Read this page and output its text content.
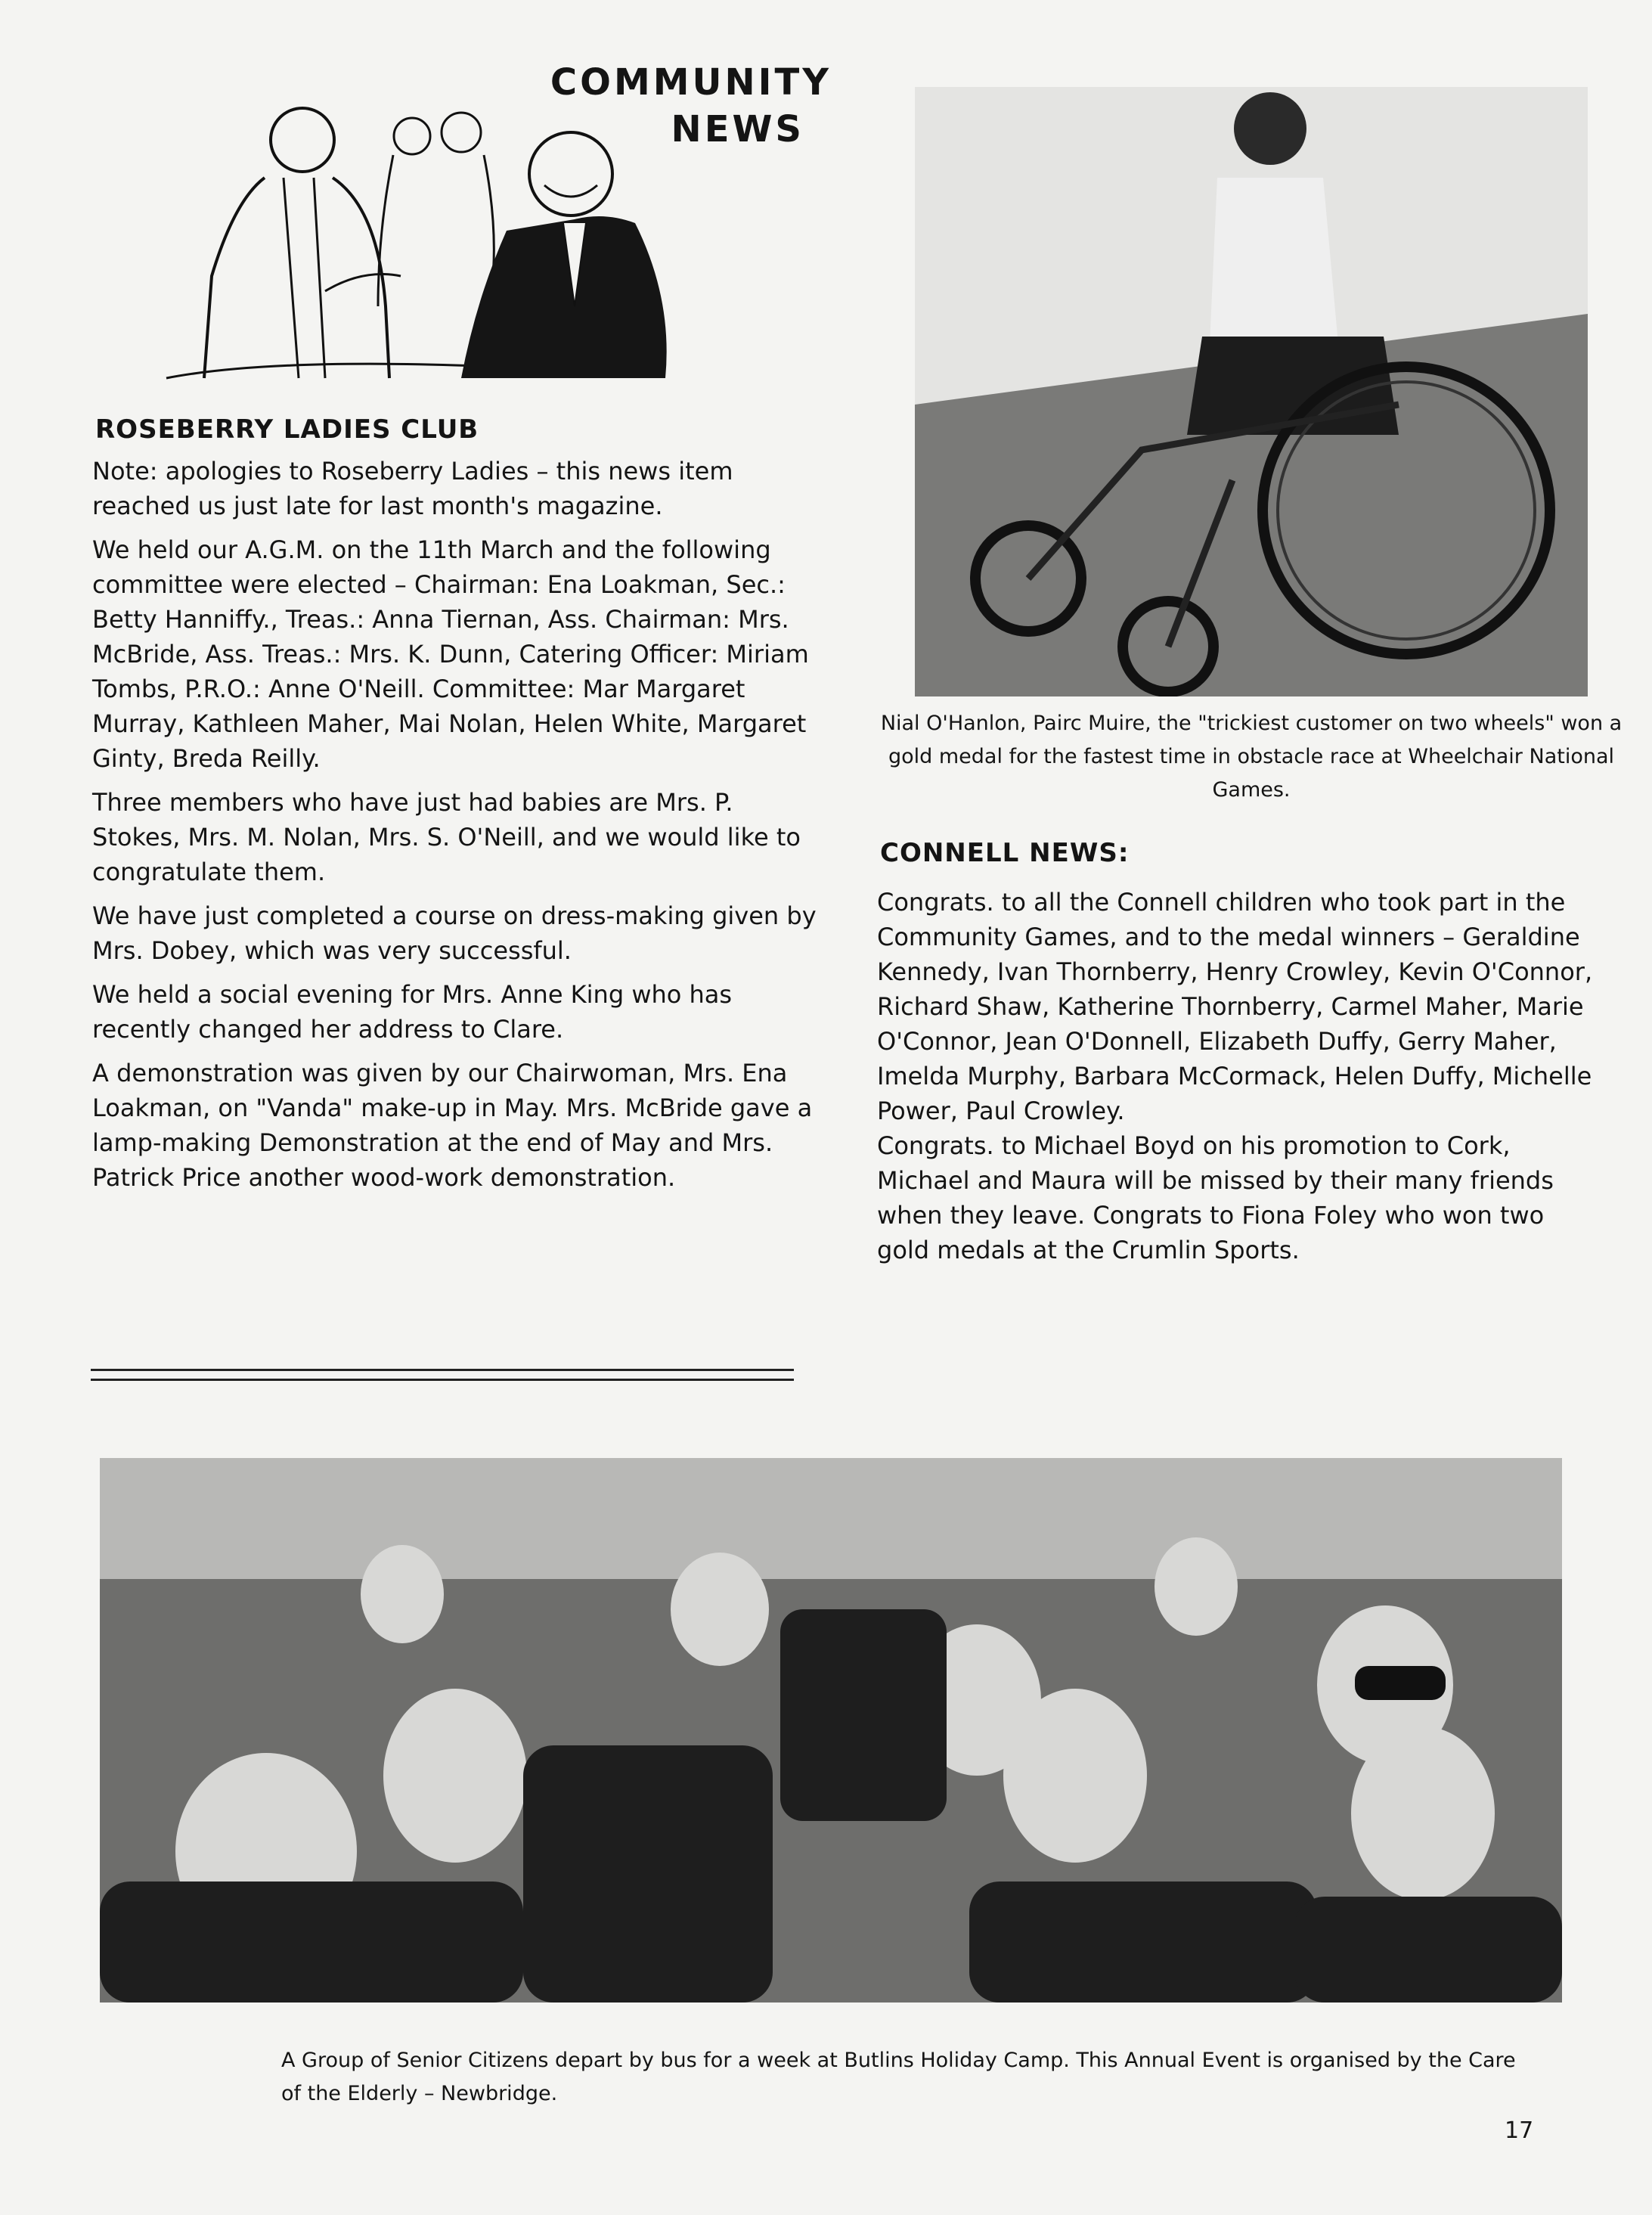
COMMUNITY
NEWS
ROSEBERRY LADIES CLUB

Note: apologies to Roseberry Ladies – this news item reached us just late for last month's magazine.

We held our A.G.M. on the 11th March and the following committee were elected – Chairman: Ena Loakman, Sec.: Betty Hanniffy., Treas.: Anna Tiernan, Ass. Chairman: Mrs. McBride, Ass. Treas.: Mrs. K. Dunn, Catering Officer: Miriam Tombs, P.R.O.: Anne O'Neill. Committee: Mar Margaret Murray, Kathleen Maher, Mai Nolan, Helen White, Margaret Ginty, Breda Reilly.

Three members who have just had babies are Mrs. P. Stokes, Mrs. M. Nolan, Mrs. S. O'Neill, and we would like to congratulate them.

We have just completed a course on dress-making given by Mrs. Dobey, which was very successful.

We held a social evening for Mrs. Anne King who has recently changed her address to Clare.

A demonstration was given by our Chairwoman, Mrs. Ena Loakman, on "Vanda" make-up in May. Mrs. McBride gave a lamp-making Demonstration at the end of May and Mrs. Patrick Price another wood-work demonstration.

Nial O'Hanlon, Pairc Muire, the "trickiest customer on two wheels" won a gold medal for the fastest time in obstacle race at Wheelchair National Games.
CONNELL NEWS:

Congrats. to all the Connell children who took part in the Community Games, and to the medal winners – Geraldine Kennedy, Ivan Thornberry, Henry Crowley, Kevin O'Connor, Richard Shaw, Katherine Thornberry, Carmel Maher, Marie O'Connor, Jean O'Donnell, Elizabeth Duffy, Gerry Maher, Imelda Murphy, Barbara McCormack, Helen Duffy, Michelle Power, Paul Crowley.

Congrats. to Michael Boyd on his promotion to Cork, Michael and Maura will be missed by their many friends when they leave. Congrats to Fiona Foley who won two gold medals at the Crumlin Sports.

A Group of Senior Citizens depart by bus for a week at Butlins Holiday Camp. This Annual Event is organised by the Care of the Elderly – Newbridge.
17
